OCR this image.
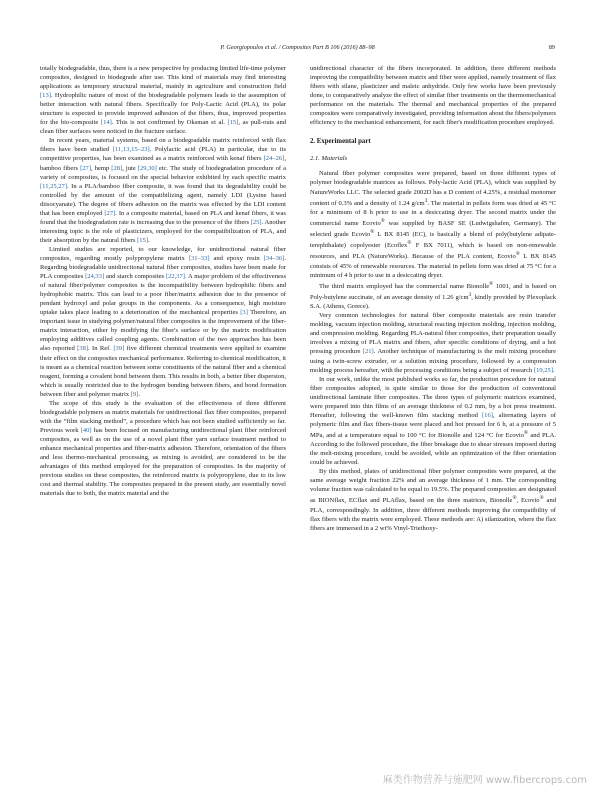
P. Georgiopoulos et al. / Composites Part B 106 (2016) 88–98	89

totally biodegradable, thus, there is a new perspective by producing limited life-time polymer composites, designed to biodegrade after use. This kind of materials may find interesting applications as temporary structural material, mainly in agriculture and construction field [13]. Hydrophilic nature of most of the biodegradable polymers leads to the assumption of better interaction with natural fibers. Specifically for Poly-Lactic Acid (PLA), its polar structure is expected to provide improved adhesion of the fibers, thus, improved properties for the bio-composite [14]. This is not confirmed by Oksman et al. [15], as pull-outs and clean fiber surfaces were noticed in the fracture surface.

In recent years, material systems, based on a biodegradable matrix reinforced with flax fibers have been studied [11,13,15–23]. Polylactic acid (PLA) in particular, due to its competitive properties, has been examined as a matrix reinforced with kenaf fibers [24–26], bamboo fibers [27], hemp [28], jute [29,30] etc. The study of biodegradation procedure of a variety of composites, is focused on the special behavior exhibited by each specific matrix [11,25,27]. In a PLA/bamboo fiber composite, it was found that its degradability could be controlled by the amount of the compatibilizing agent, namely LDI (Lysine based diisocyanate). The degree of fibers adhesion on the matrix was effected by the LDI content that has been employed [27]. In a composite material, based on PLA and kenaf fibers, it was found that the biodegradation rate is increasing due to the presence of the fibers [25]. Another interesting topic is the role of plasticizers, employed for the compatibilization of PLA, and their absorption by the natural fibers [15].

Limited studies are reported, to our knowledge, for unidirectional natural fiber composites, regarding mostly polypropylene matrix [31–33] and epoxy resin [34–36]. Regarding biodegradable unidirectional natural fiber composites, studies have been made for PLA composites [24,33] and starch composites [22,37]. A major problem of the effectiveness of natural fiber/polymer composites is the incompatibility between hydrophilic fibers and hydrophobic matrix. This can lead to a poor fiber/matrix adhesion due to the presence of pendant hydroxyl and polar groups in the components. As a consequence, high moisture uptake takes place leading to a deterioration of the mechanical properties [3] Therefore, an important issue in studying polymer/natural fiber composites is the improvement of the fiber-matrix interaction, either by modifying the fiber's surface or by the matrix modification employing additives called coupling agents. Combination of the two approaches has been also reported [38]. In Ref. [39] five different chemical treatments were applied to examine their effect on the composites mechanical performance. Referring to chemical modification, it is meant as a chemical reaction between some constituents of the natural fiber and a chemical reagent, forming a covalent bond between them. This results in both, a better fiber dispersion, which is usually restricted due to the hydrogen bonding between fibers, and bond formation between fiber and polymer matrix [9].

The scope of this study is the evaluation of the effectiveness of three different biodegradable polymers as matrix materials for unidirectional flax fiber composites, prepared with the “film stacking method”, a procedure which has not been studied sufficiently so far. Previous work [40] has been focused on manufacturing unidirectional plant fiber reinforced composites, as well as on the use of a novel plant fiber yarn surface treatment method to enhance mechanical properties and fiber-matrix adhesion. Therefore, orientation of the fibers and less thermo-mechanical processing, as mixing is avoided, are considered to be the advantages of this method employed for the preparation of composites. In the majority of previous studies on these composites, the reinforced matrix is polypropylene, due to its low cost and thermal stability. The composites prepared in the present study, are essentially novel materials due to both, the matrix material and the

unidirectional character of the fibers incorporated. In addition, three different methods improving the compatibility between matrix and fiber were applied, namely treatment of flax fibers with silane, plasticizer and maleic anhydride. Only few works have been previously done, to comparatively analyze the effect of similar fiber treatments on the thermomechanical performance on the materials. The thermal and mechanical properties of the prepared composites were comparatively investigated, providing information about the fibers/polymers efficiency to the mechanical enhancement, for each fiber's modification procedure employed.

2. Experimental part
2.1. Materials

Natural fiber polymer composites were prepared, based on three different types of polymer biodegradable matrices as follows. Poly-lactic Acid (PLA), which was supplied by NatureWorks LLC. The selected grade 2002D has a D content of 4.25%, a residual monomer content of 0.3% and a density of 1.24 $g/cm^3$. The material in pellets form was dried at 45 °C for a minimum of 8 h prior to use in a desiccating dryer. The second matrix under the commercial name Ecovio® was supplied by BASF SE (Ludwigshafen, Germany). The selected grade Ecovio® L BX 8145 (EC), is basically a blend of poly(butylene adipate-terephthalate) copolyester (Ecoflex® F BX 7011), which is based on non-renewable resources, and PLA (NatureWorks). Because of the PLA content, Ecovio® L BX 8145 consists of 45% of renewable resources. The material in pellets form was dried at 75 °C for a minimum of 4 h prior to use in a desiccating dryer.

The third matrix employed has the commercial name Bionolle® 1001, and is based on Poly-butylene succinate, of an average density of 1.26 $g/cm^3$, kindly provided by Plexoplack S.A. (Athens, Greece).

Very common technologies for natural fiber composite materials are resin transfer molding, vacuum injection molding, structural reacting injection molding, injection molding, and compression molding. Regarding PLA-natural fiber composites, their preparation usually involves a mixing of PLA matrix and fibers, after specific conditions of drying, and a hot pressing procedure [21]. Another technique of manufacturing is the melt mixing procedure using a twin-screw extruder, or a solution mixing procedure, followed by a compression molding process hereafter, with the processing conditions being a subject of research [19,25].

In our work, unlike the most published works so far, the production procedure for natural fiber composites adopted, is quite similar to those for the production of conventional unidirectional laminate fiber composites. The three types of polymeric matrices examined, were prepared into thin films of an average thickness of 0.2 mm, by a hot press treatment. Hereafter, following the well-known film stacking method [16], alternating layers of polymeric film and flax fibers-tissue were placed and hot pressed for 6 h, at a pressure of 5 MPa, and at a temperature equal to 100 °C for Bionolle and 124 °C for Ecovio® and PLA. According to the followed procedure, the fiber breakage due to shear stresses imposed during the melt-mixing procedure, could be avoided, while an optimization of the fiber orientation could be achieved.

By this method, plates of unidirectional fiber polymer composites were prepared, at the same average weight fraction 22% and an average thickness of 1 mm. The corresponding volume fraction was calculated to be equal to 19.5%. The prepared composites are designated as BIONflax, ECflax and PLAflax, based on the three matrices, Bionolle®, Ecovio® and PLA, correspondingly. In addition, three different methods improving the compatibility of flax fibers with the matrix were employed. These methods are: A) silanization, where the flax fibers are immersed in a 2 wt% Vinyl-Triethoxy-

麻类作物营养与施肥网 www.fibercrops.com
